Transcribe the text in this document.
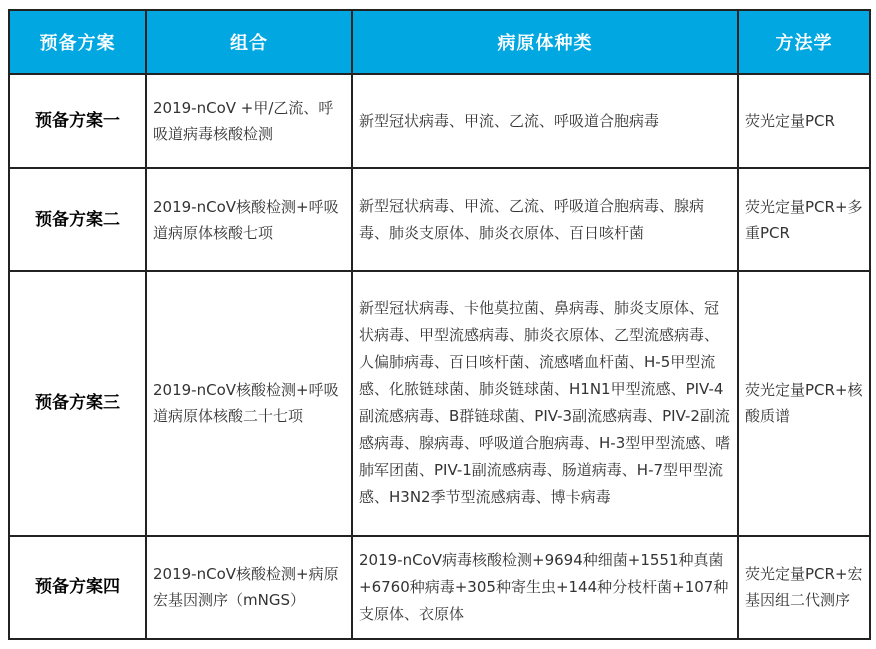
预备方案	组合	病原体种类	方法学
预备方案一	2019-nCoV +甲/乙流、呼吸道病毒核酸检测	新型冠状病毒、甲流、乙流、呼吸道合胞病毒	荧光定量PCR
预备方案二	2019-nCoV核酸检测+呼吸道病原体核酸七项	新型冠状病毒、甲流、乙流、呼吸道合胞病毒、腺病毒、肺炎支原体、肺炎衣原体、百日咳杆菌	荧光定量PCR+多重PCR
预备方案三	2019-nCoV核酸检测+呼吸道病原体核酸二十七项	新型冠状病毒、卡他莫拉菌、鼻病毒、肺炎支原体、冠状病毒、甲型流感病毒、肺炎衣原体、乙型流感病毒、人偏肺病毒、百日咳杆菌、流感嗜血杆菌、H-5甲型流感、化脓链球菌、肺炎链球菌、H1N1甲型流感、PIV-4副流感病毒、B群链球菌、PIV-3副流感病毒、PIV-2副流感病毒、腺病毒、呼吸道合胞病毒、H-3型甲型流感、嗜肺军团菌、PIV-1副流感病毒、肠道病毒、H-7型甲型流感、H3N2季节型流感病毒、博卡病毒	荧光定量PCR+核酸质谱
预备方案四	2019-nCoV核酸检测+病原宏基因测序（mNGS）	2019-nCoV病毒核酸检测+9694种细菌+1551种真菌+6760种病毒+305种寄生虫+144种分枝杆菌+107种支原体、衣原体	荧光定量PCR+宏基因组二代测序
